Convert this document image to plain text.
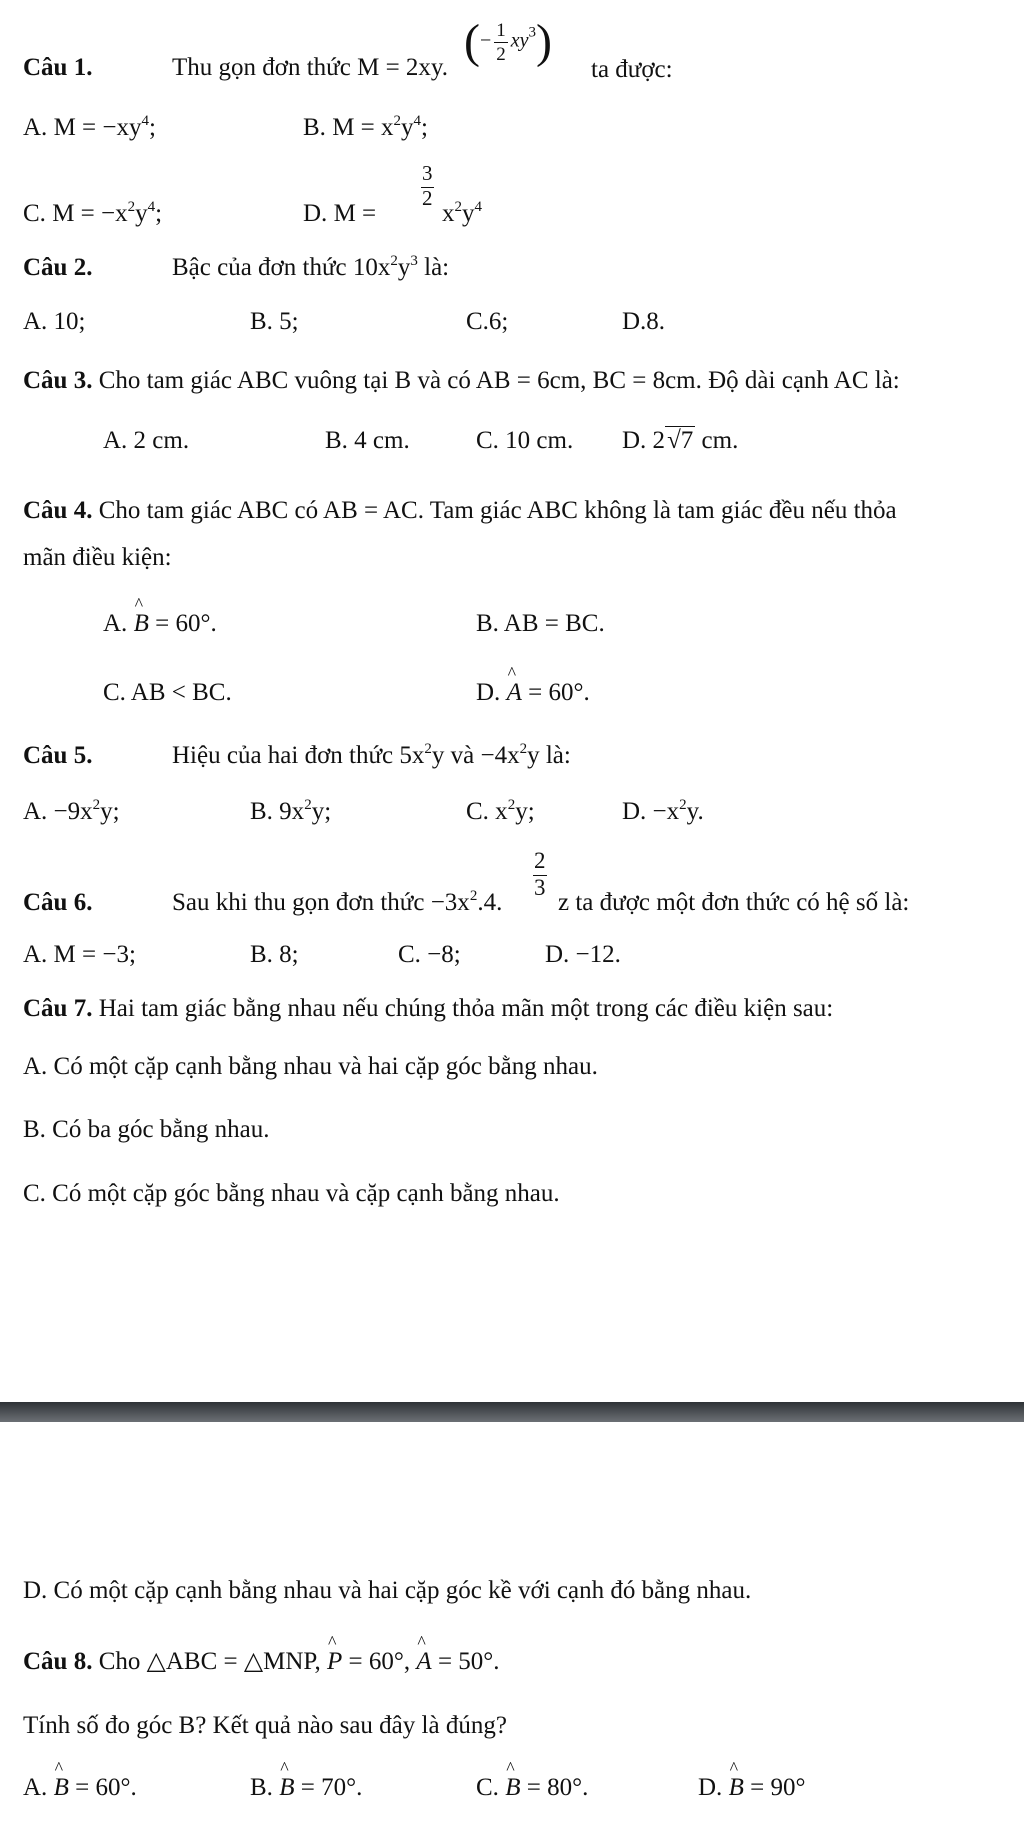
Câu 1.	Thu gọn đơn thức M = 2xy. (− $\frac{1}{2} xy^3$)
ta được:
A. $M = -xy^4$;	B. $M = x^2y^4$;
C. $M = -x^2y^4$;	D. M =
3
2
$x^2y^4$
Câu 2.	Bậc của đơn thức $10x^2y^3$ là:
A. 10;	B. 5;	C.6;	D.8.
Câu 3. Cho tam giác ABC vuông tại B và có AB = 6cm, BC = 8cm. Độ dài cạnh AC là:
A. 2 cm.	B. 4 cm.	C. 10 cm. D. 2√7 cm.
Câu 4. Cho tam giác ABC có AB = AC. Tam giác ABC không là tam giác đều nếu thỏa
mãn điều kiện:
A. ^ B = 60°.	B. AB = BC.
C. AB < BC.	D. ^ A = 60°.
Câu 5.	Hiệu của hai đơn thức $5x^2y$ và $-4x^2y$ là:
A. $-9x^2y$;	B. $9x^2y$;	C. $x^2y$;	D. $-x^2y$.
Câu 6.	Sau khi thu gọn đơn thức $-3x^2.4$.
2
3
z ta được một đơn thức có hệ số là:
A. M = −3;	B. 8;	C. −8;	D. −12.
Câu 7. Hai tam giác bằng nhau nếu chúng thỏa mãn một trong các điều kiện sau:
A. Có một cặp cạnh bằng nhau và hai cặp góc bằng nhau.
B. Có ba góc bằng nhau.
C. Có một cặp góc bằng nhau và cặp cạnh bằng nhau.
D. Có một cặp cạnh bằng nhau và hai cặp góc kề với cạnh đó bằng nhau.
Câu 8. Cho △ABC = △MNP, ^ P = 60°, ^ A = 50°.
Tính số đo góc B? Kết quả nào sau đây là đúng?
A. ^ B = 60°.	B. ^ B = 70°.	C. ^ B = 80°.	D. ^ B = 90°
